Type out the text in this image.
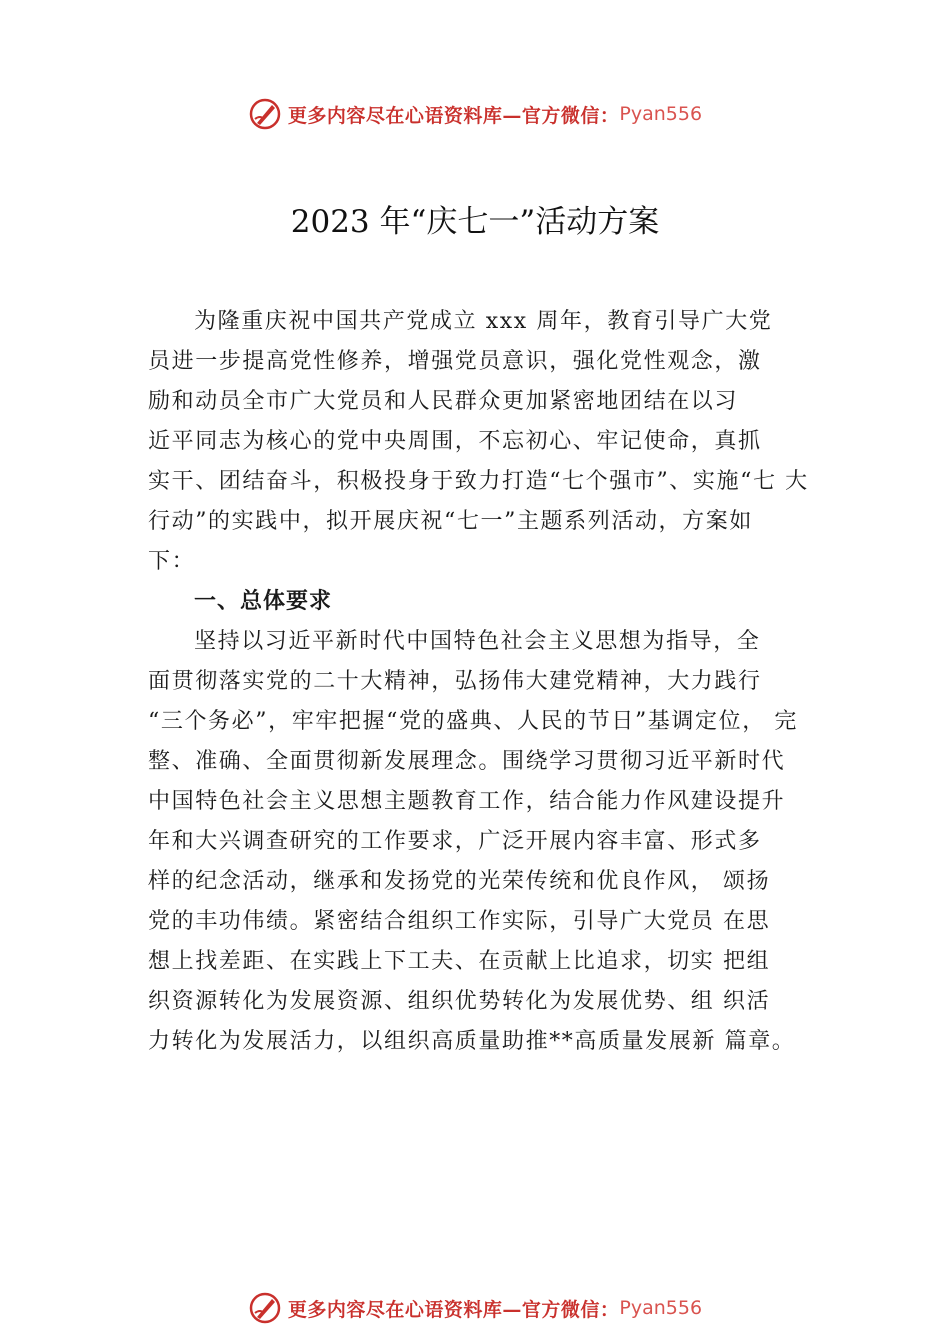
更多内容尽在心语资料库—官方微信： Pyan556
2023 年“庆七一”活动方案
为隆重庆祝中国共产党成立 xxx 周年，教育引导广大党
员进一步提高党性修养，增强党员意识，强化党性观念，激
励和动员全市广大党员和人民群众更加紧密地团结在以习
近平同志为核心的党中央周围，不忘初心、牢记使命，真抓
实干、团结奋斗，积极投身于致力打造“七个强市”、实施“七 大
行动”的实践中，拟开展庆祝“七一”主题系列活动，方案如
下：
一、总体要求
坚持以习近平新时代中国特色社会主义思想为指导，全
面贯彻落实党的二十大精神，弘扬伟大建党精神，大力践行
“三个务必”，牢牢把握“党的盛典、人民的节日”基调定位， 完
整、准确、全面贯彻新发展理念。围绕学习贯彻习近平新时代
中国特色社会主义思想主题教育工作，结合能力作风建设提升
年和大兴调查研究的工作要求，广泛开展内容丰富、形式多
样的纪念活动，继承和发扬党的光荣传统和优良作风， 颂扬
党的丰功伟绩。紧密结合组织工作实际，引导广大党员 在思
想上找差距、在实践上下工夫、在贡献上比追求，切实 把组
织资源转化为发展资源、组织优势转化为发展优势、组 织活
力转化为发展活力，以组织高质量助推**高质量发展新 篇章。
更多内容尽在心语资料库—官方微信： Pyan556
